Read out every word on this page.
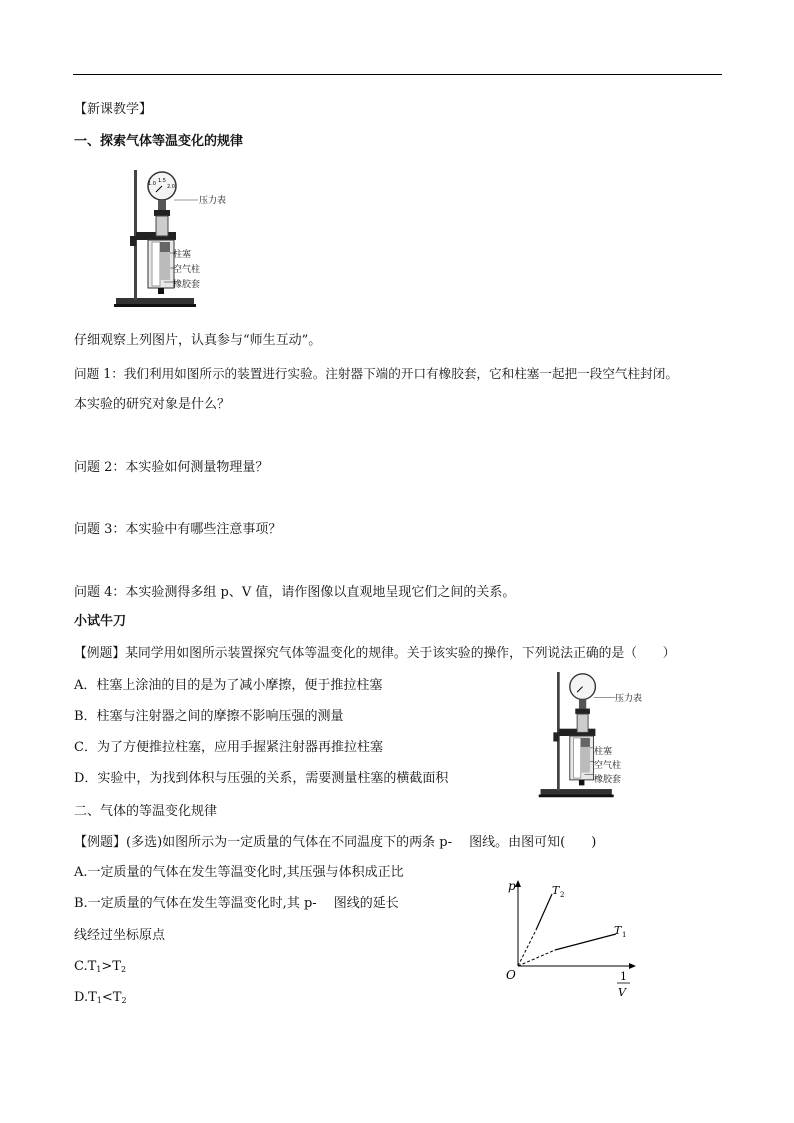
【新课教学】
一、探索气体等温变化的规律
1.0 1.5
2.0
压力表
柱塞
空气柱
橡胶套
仔细观察上列图片，认真参与“师生互动”。
问题 1：我们利用如图所示的装置进行实验。注射器下端的开口有橡胶套，它和柱塞一起把一段空气柱封闭。
本实验的研究对象是什么？
问题 2：本实验如何测量物理量？
问题 3：本实验中有哪些注意事项？
问题 4：本实验测得多组 p、V 值，请作图像以直观地呈现它们之间的关系。
小试牛刀
【例题】某同学用如图所示装置探究气体等温变化的规律。关于该实验的操作，下列说法正确的是（　　）
A．柱塞上涂油的目的是为了减小摩擦，便于推拉柱塞
B．柱塞与注射器之间的摩擦不影响压强的测量
C．为了方便推拉柱塞，应用手握紧注射器再推拉柱塞
D．实验中，为找到体积与压强的关系，需要测量柱塞的横截面积
压力表
柱塞
空气柱
橡胶套
二、气体的等温变化规律
【例题】(多选)如图所示为一定质量的气体在不同温度下的两条 p-　 图线。由图可知(　　)
A.一定质量的气体在发生等温变化时,其压强与体积成正比
B.一定质量的气体在发生等温变化时,其 p-　 图线的延长
线经过坐标原点
$C.T_1>T_2$
$D.T_1<T_2$
p
O
T 2
T 1
1
V
